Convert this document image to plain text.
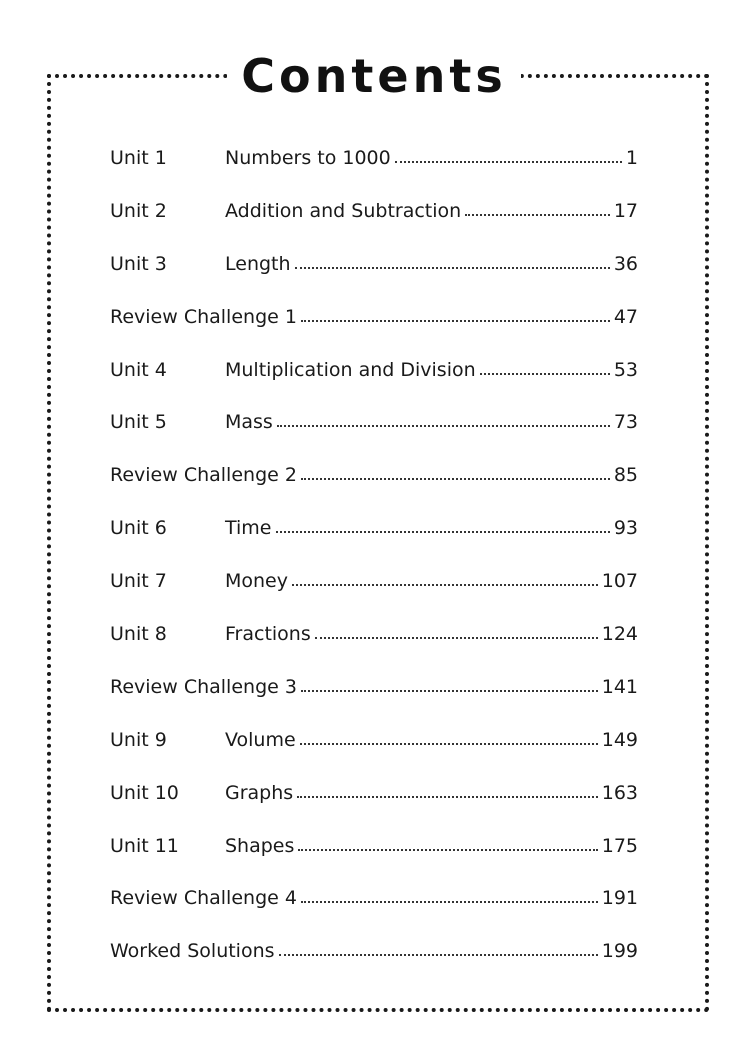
Contents
Unit 1	Numbers to 1000	1
Unit 2	Addition and Subtraction	17
Unit 3	Length	36
Review Challenge 1	47
Unit 4	Multiplication and Division	53
Unit 5	Mass	73
Review Challenge 2	85
Unit 6	Time	93
Unit 7	Money	107
Unit 8	Fractions	124
Review Challenge 3	141
Unit 9	Volume	149
Unit 10	Graphs	163
Unit 11	Shapes	175
Review Challenge 4	191
Worked Solutions	199
